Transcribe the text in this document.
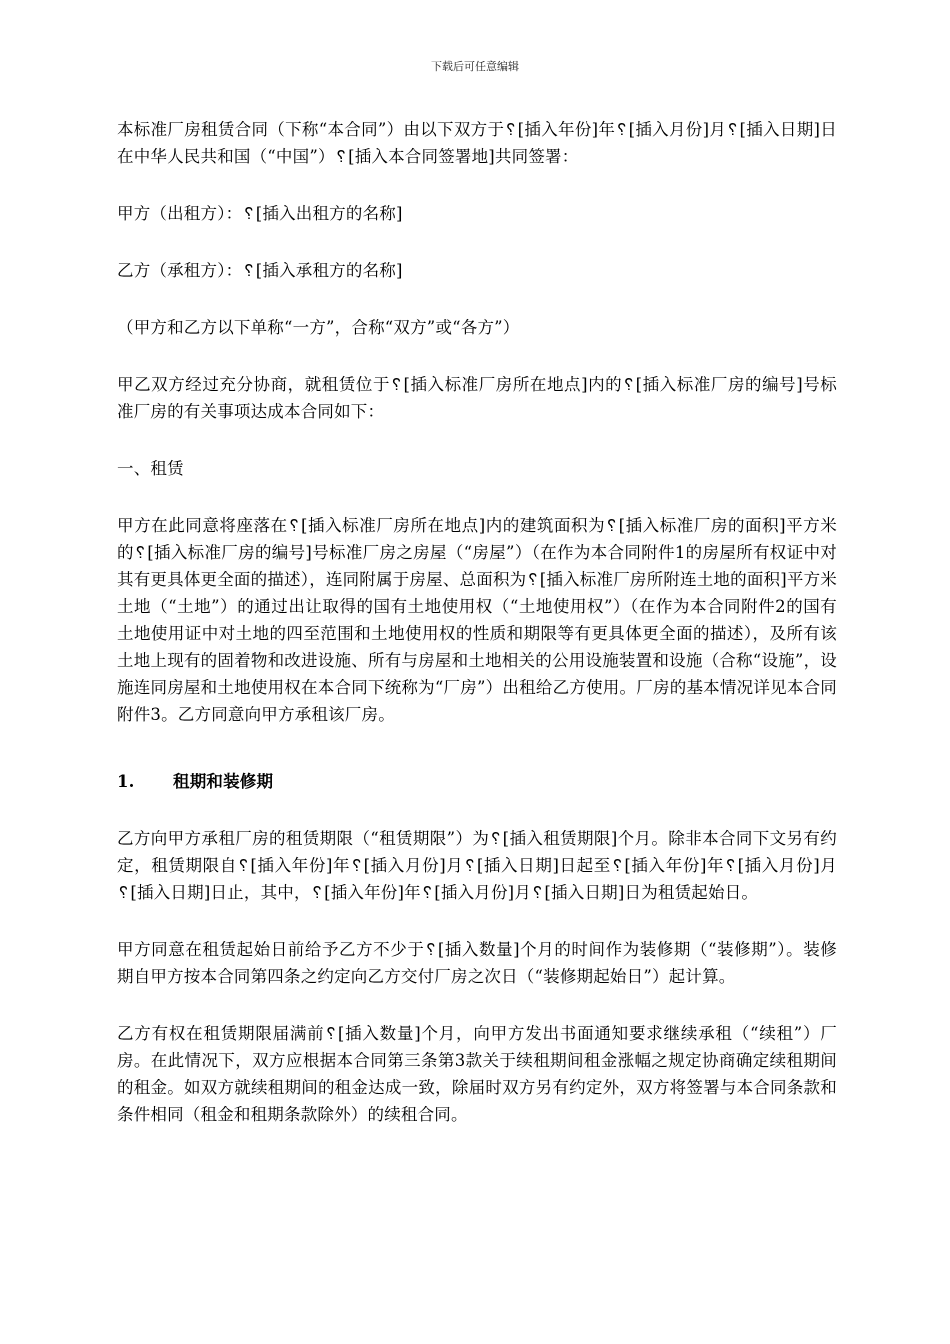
下载后可任意编辑

本标准厂房租赁合同（下称“本合同”）由以下双方于␦[插入年份]年␦[插入月份]月␦[插入日期]日在中华人民共和国（“中国”）␦[插入本合同签署地]共同签署：

甲方（出租方）：␦[插入出租方的名称]

乙方（承租方）：␦[插入承租方的名称]

（甲方和乙方以下单称“一方”，合称“双方”或“各方”）

甲乙双方经过充分协商，就租赁位于␦[插入标准厂房所在地点]内的␦[插入标准厂房的编号]号标准厂房的有关事项达成本合同如下：

一、租赁

甲方在此同意将座落在␦[插入标准厂房所在地点]内的建筑面积为␦[插入标准厂房的面积]平方米的␦[插入标准厂房的编号]号标准厂房之房屋（“房屋”）（在作为本合同附件1的房屋所有权证中对其有更具体更全面的描述），连同附属于房屋、总面积为␦[插入标准厂房所附连土地的面积]平方米土地（“土地”）的通过出让取得的国有土地使用权（“土地使用权”）（在作为本合同附件2的国有土地使用证中对土地的四至范围和土地使用权的性质和期限等有更具体更全面的描述），及所有该土地上现有的固着物和改进设施、所有与房屋和土地相关的公用设施装置和设施（合称“设施”，设施连同房屋和土地使用权在本合同下统称为“厂房”）出租给乙方使用。厂房的基本情况详见本合同附件3。乙方同意向甲方承租该厂房。

1.	租期和装修期

乙方向甲方承租厂房的租赁期限（“租赁期限”）为␦[插入租赁期限]个月。除非本合同下文另有约定，租赁期限自␦[插入年份]年␦[插入月份]月␦[插入日期]日起至␦[插入年份]年␦[插入月份]月␦[插入日期]日止，其中，␦[插入年份]年␦[插入月份]月␦[插入日期]日为租赁起始日。

甲方同意在租赁起始日前给予乙方不少于␦[插入数量]个月的时间作为装修期（“装修期”）。装修期自甲方按本合同第四条之约定向乙方交付厂房之次日（“装修期起始日”）起计算。

乙方有权在租赁期限届满前␦[插入数量]个月，向甲方发出书面通知要求继续承租（“续租”）厂房。在此情况下，双方应根据本合同第三条第3款关于续租期间租金涨幅之规定协商确定续租期间的租金。如双方就续租期间的租金达成一致，除届时双方另有约定外，双方将签署与本合同条款和条件相同（租金和租期条款除外）的续租合同。
